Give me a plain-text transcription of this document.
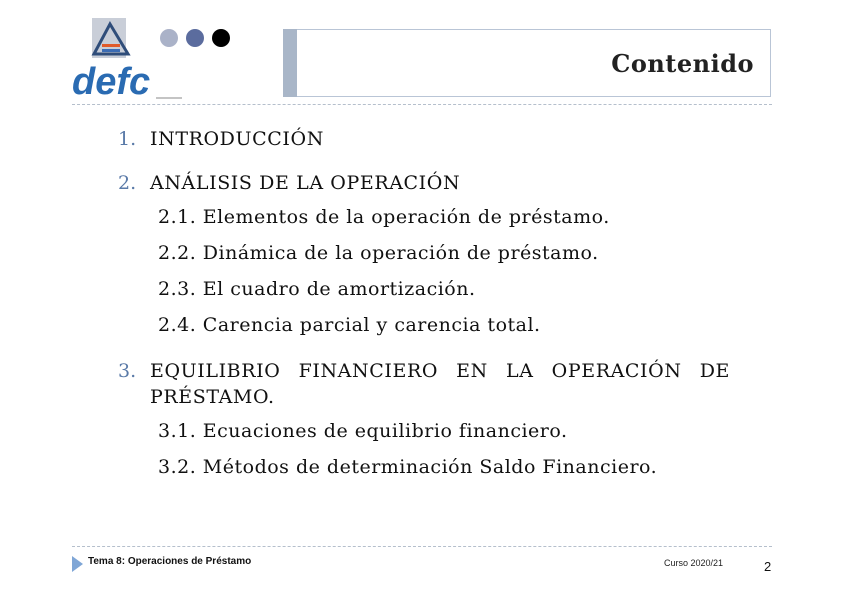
defc	Contenido
1. INTRODUCCIÓN
2. ANÁLISIS DE LA OPERACIÓN
2.1. Elementos de la operación de préstamo.
2.2. Dinámica de la operación de préstamo.
2.3. El cuadro de amortización.
2.4. Carencia parcial y carencia total.
3. EQUILIBRIO FINANCIERO EN LA OPERACIÓN DE PRÉSTAMO.
3.1. Ecuaciones de equilibrio financiero.
3.2. Métodos de determinación Saldo Financiero.
Tema 8: Operaciones de Préstamo	Curso 2020/21	2
